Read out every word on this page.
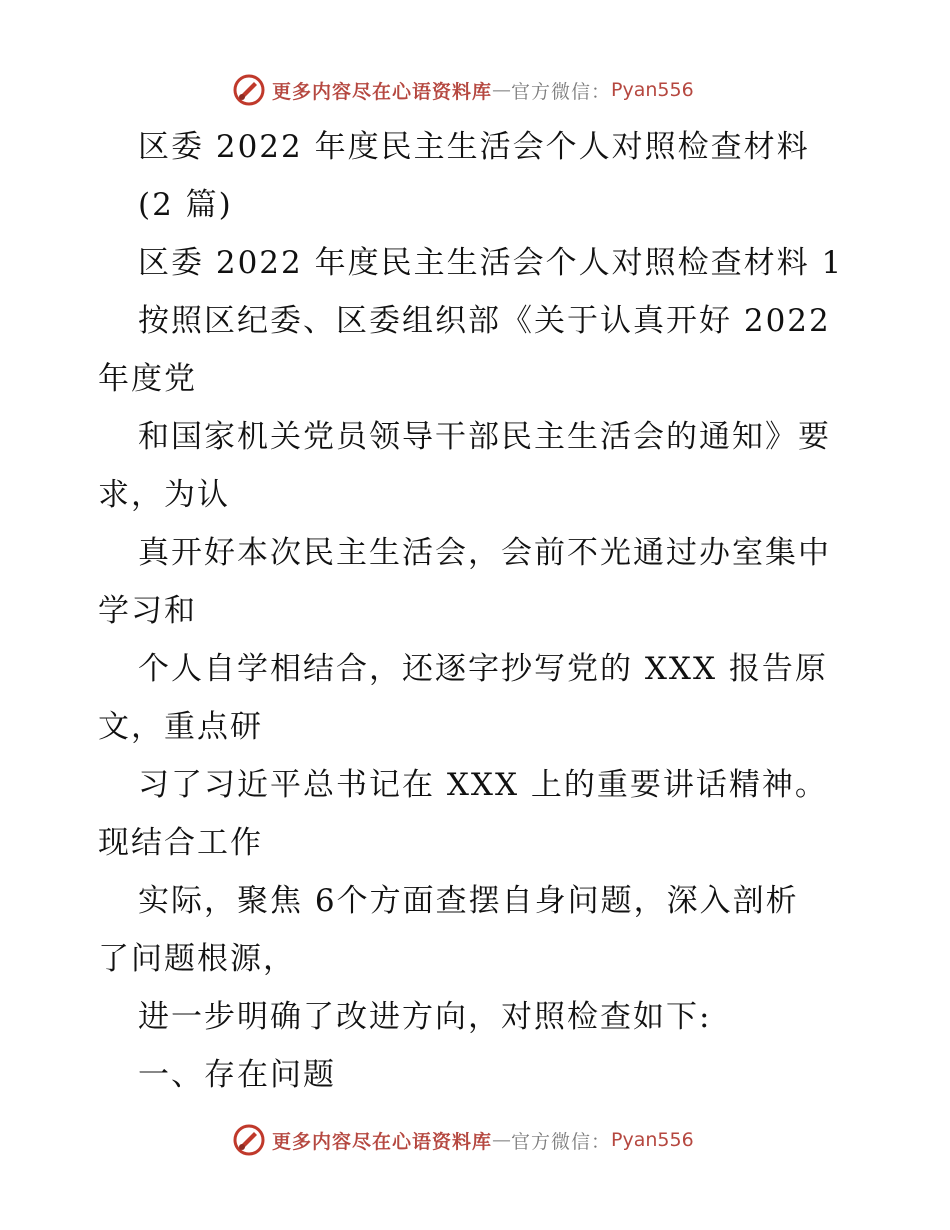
更多内容尽在心语资料库 — 官方微信： Pyan556
区委 2022 年度民主生活会个人对照检查材料
(2 篇)
区委 2022 年度民主生活会个人对照检查材料 1
按照区纪委、区委组织部《关于认真开好 2022
年度党
和国家机关党员领导干部民主生活会的通知》要
求，为认
真开好本次民主生活会，会前不光通过办室集中
学习和
个人自学相结合，还逐字抄写党的 XXX 报告原
文，重点研
习了习近平总书记在 XXX 上的重要讲话精神。
现结合工作
实际，聚焦 6个方面查摆自身问题，深入剖析
了问题根源，
进一步明确了改进方向，对照检查如下:
一、存在问题
更多内容尽在心语资料库 — 官方微信： Pyan556
